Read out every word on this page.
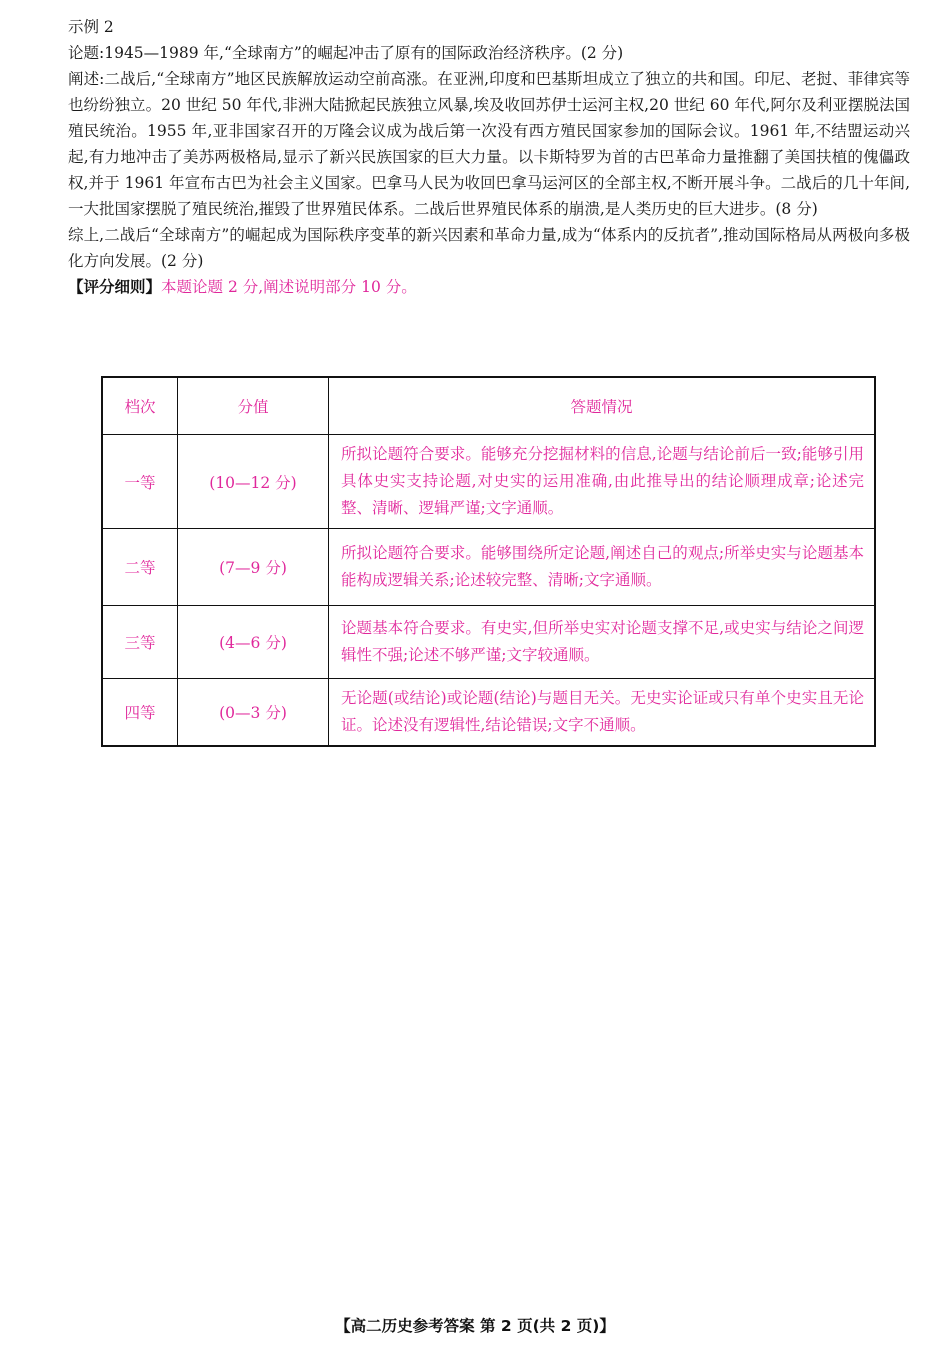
示例 2

论题:1945—1989 年,“全球南方”的崛起冲击了原有的国际政治经济秩序。(2 分)

阐述:二战后,“全球南方”地区民族解放运动空前高涨。在亚洲,印度和巴基斯坦成立了独立的共和国。印尼、老挝、菲律宾等也纷纷独立。20 世纪 50 年代,非洲大陆掀起民族独立风暴,埃及收回苏伊士运河主权,20 世纪 60 年代,阿尔及利亚摆脱法国殖民统治。1955 年,亚非国家召开的万隆会议成为战后第一次没有西方殖民国家参加的国际会议。1961 年,不结盟运动兴起,有力地冲击了美苏两极格局,显示了新兴民族国家的巨大力量。以卡斯特罗为首的古巴革命力量推翻了美国扶植的傀儡政权,并于 1961 年宣布古巴为社会主义国家。巴拿马人民为收回巴拿马运河区的全部主权,不断开展斗争。二战后的几十年间,一大批国家摆脱了殖民统治,摧毁了世界殖民体系。二战后世界殖民体系的崩溃,是人类历史的巨大进步。(8 分)

综上,二战后“全球南方”的崛起成为国际秩序变革的新兴因素和革命力量,成为“体系内的反抗者”,推动国际格局从两极向多极化方向发展。(2 分)

【评分细则】本题论题 2 分,阐述说明部分 10 分。

档次	分值	答题情况
一等	(10—12 分)	所拟论题符合要求。能够充分挖掘材料的信息,论题与结论前后一致;能够引用具体史实支持论题,对史实的运用准确,由此推导出的结论顺理成章;论述完整、清晰、逻辑严谨;文字通顺。
二等	(7—9 分)	所拟论题符合要求。能够围绕所定论题,阐述自己的观点;所举史实与论题基本能构成逻辑关系;论述较完整、清晰;文字通顺。
三等	(4—6 分)	论题基本符合要求。有史实,但所举史实对论题支撑不足,或史实与结论之间逻辑性不强;论述不够严谨;文字较通顺。
四等	(0—3 分)	无论题(或结论)或论题(结论)与题目无关。无史实论证或只有单个史实且无论证。论述没有逻辑性,结论错误;文字不通顺。
【高二历史参考答案 第 2 页(共 2 页)】
